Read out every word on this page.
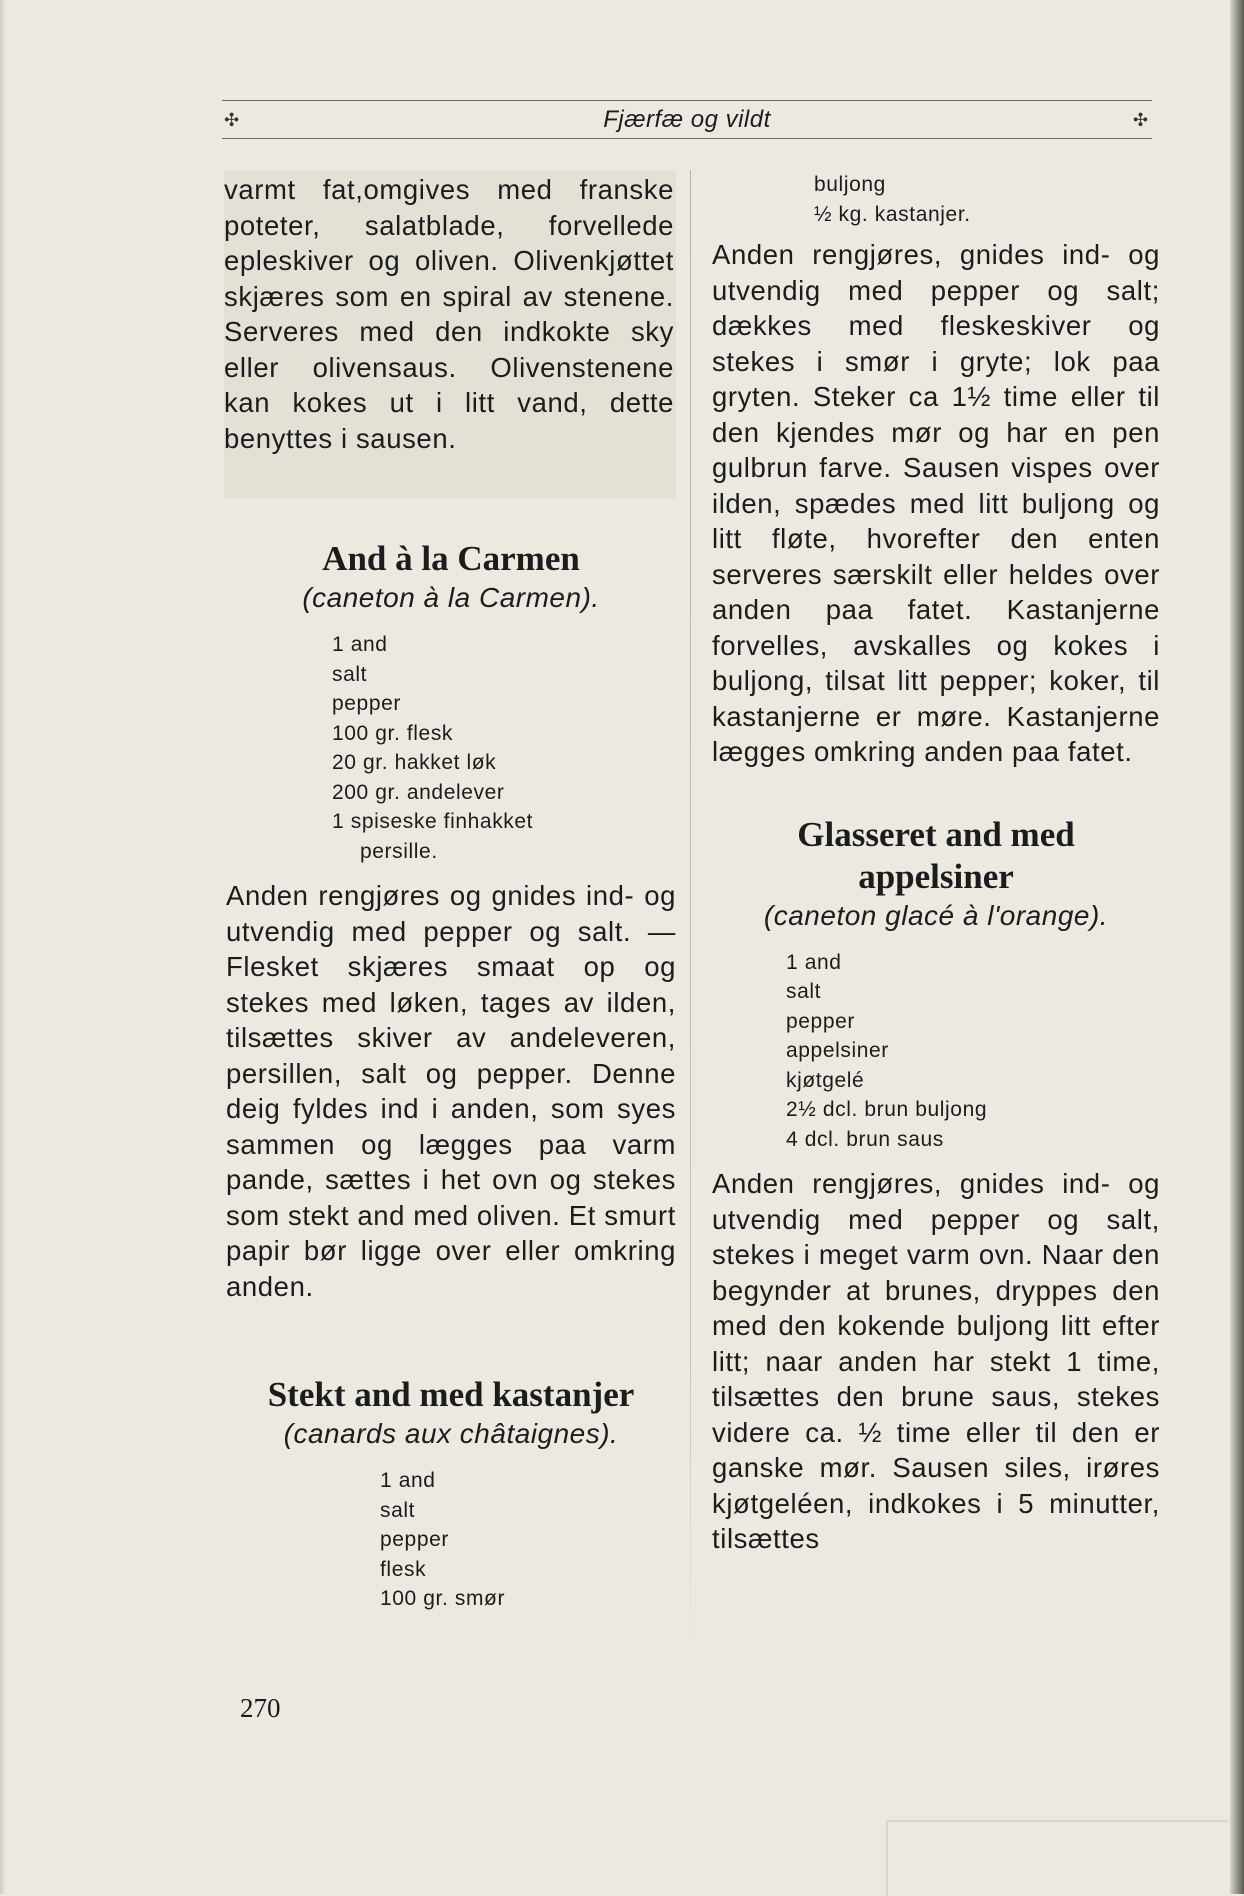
✣	Fjærfæ og vildt	✣

varmt fat,omgives med franske poteter, salatblade, forvellede epleskiver og oliven. Olivenkjøttet skjæres som en spiral av stenene. Serveres med den indkokte sky eller olivensaus. Olivenstenene kan kokes ut i litt vand, dette benyttes i sausen.

And à la Carmen

(caneton à la Carmen).

1 and
salt
pepper
100 gr. flesk
20 gr. hakket løk
200 gr. andelever
1 spiseske finhakket
persille.

Anden rengjøres og gnides ind- og utvendig med pepper og salt. — Flesket skjæres smaat op og stekes med løken, tages av ilden, tilsættes skiver av andeleveren, persillen, salt og pepper. Denne deig fyldes ind i anden, som syes sammen og lægges paa varm pande, sættes i het ovn og stekes som stekt and med oliven. Et smurt papir bør ligge over eller omkring anden.

Stekt and med kastanjer

(canards aux châtaignes).

1 and
salt
pepper
flesk
100 gr. smør
buljong
½ kg. kastanjer.

Anden rengjøres, gnides ind- og utvendig med pepper og salt; dækkes med fleskeskiver og stekes i smør i gryte; lok paa gryten. Steker ca 1½ time eller til den kjendes mør og har en pen gulbrun farve. Sausen vispes over ilden, spædes med litt buljong og litt fløte, hvorefter den enten serveres særskilt eller heldes over anden paa fatet. Kastanjerne forvelles, avskalles og kokes i buljong, tilsat litt pepper; koker, til kastanjerne er møre. Kastanjerne lægges omkring anden paa fatet.

Glasseret and med appelsiner

(caneton glacé à l'orange).

1 and
salt
pepper
appelsiner
kjøtgelé
2½ dcl. brun buljong
4 dcl. brun saus

Anden rengjøres, gnides ind- og utvendig med pepper og salt, stekes i meget varm ovn. Naar den begynder at brunes, dryppes den med den kokende buljong litt efter litt; naar anden har stekt 1 time, tilsættes den brune saus, stekes videre ca. ½ time eller til den er ganske mør. Sausen siles, irøres kjøtgeléen, indkokes i 5 minutter, tilsættes

270
